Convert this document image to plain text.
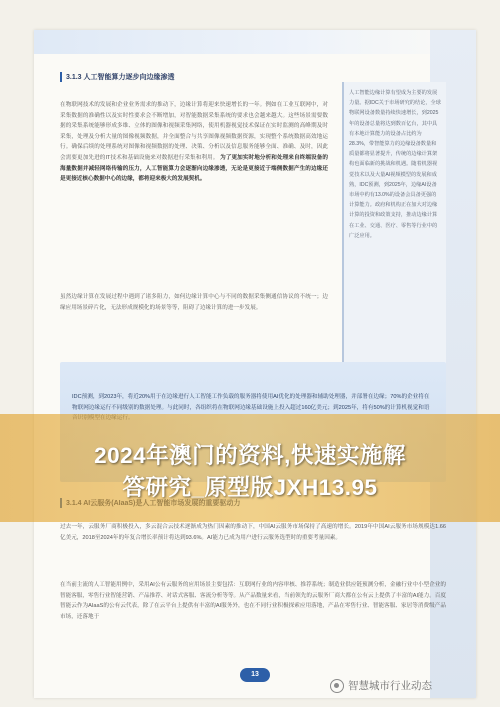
3.1.3 人工智能算力逐步向边缘渗透
在物联网技术的发展和企业业务需求的推动下，边缘计算将迎来快速增长的一年。例如在工业互联网中，对采集数据的准确性以及实时性要求会不断增加，对智能数据采集系统的要求也会越来越大。这些场景需要数据的采集系统能够形成多维、立体的图像和视频采集网络，使用机器视觉技术保证在实时监测的高峰期及时采集，处理及分析大量的图像视频数据，并全面整合与共享图像视频数据资源，实现整个系统数据高效地运行。确保后续的处理系统对图像和视频数据的处理、决策、分析以及信息服务能够全面、准确、及时，因此会需要更加先进的IT技术和基础设施来对数据进行采集和利用。 为了更加实时地分析和处理来自终端设备的海量数据并减轻网络传输的压力，人工智能算力会逐渐向边缘渗透，无论是更接近于端侧数据产生的边缘还是更接近核心数据中心的边缘，都将迎来极大的发展契机。
虽然边缘计算在发展过程中遇到了诸多阻力，如何边缘计算中心与不同的数据采集侧通信协议的不统一；边缘应用场景碎片化，无法形成规模化的场景等等，阻碍了边缘计算的进一步发展。
人工智能边缘计算有望成为主要的发展力量。据IDC关于市场研究的结论，全球物联网设备数量持续快速增长，到2025年的设备总量将达到数百亿台，其中具有本地计算能力的设备占比约为28.3%，带智能算力的边缘设备数量和质量都将显著提升，传统的边缘计算架构也面临新的挑战和机遇。随着机器视觉技术以及大量AI视频模型的发展和成熟，IDC预测，到2025年，边缘AI设备市场中约有13.0%的设备会具备更强的计算能力。政府和机构正在加大对边缘计算的投资和政策支持，推动边缘计算在工业、交通、医疗、零售等行业中的广泛应用。
IDC预测，到2023年，将近20%用于在边缘进行人工智能工作负载的服务器将使用AI优化的处理器和辅助处理器，并部署在边缘；70%的企业将在物联网边缘运行不同级别的数据处理。与此同时，各组织将在物联网边缘基础设施上投入超过160亿美元；到2025年，将有50%的计算机视觉和语
过去一年，云服务厂商积极投入，多云混合云技术逐渐成为热门因素的推动下，中国AI云服务市场保持了高速的增长。2019年中国AI云服务市场规模达1.66亿美元，2018至2024年的年复合增长率预计将达到93.6%。AI能力已成为用户进行云服务选型时的重要考量因素。
在当前主流的人工智能用例中，采用AI公有云服务的应用场景主要包括：互联网行业的内容审核、推荐系统；制造业供应链预测分析，金融行业中小型企业的智能客服，零售行业智能营销、产品推荐、对话式客服、客流分析等等。从产品数量来看，当前领先的云服务厂商大都在公有云上提供了丰富的AI能力。百度智能云作为AIaaS的公有云代表，除了在云平台上提供有丰富的AI服务外，也在不同行业积极探索应用落地，产品在零售行业、智能客服、家居等消费级产品市场，还落地于
13
2024年澳门的资料,快速实施解
答研究_原型版JXH13.95
智慧城市行业动态
